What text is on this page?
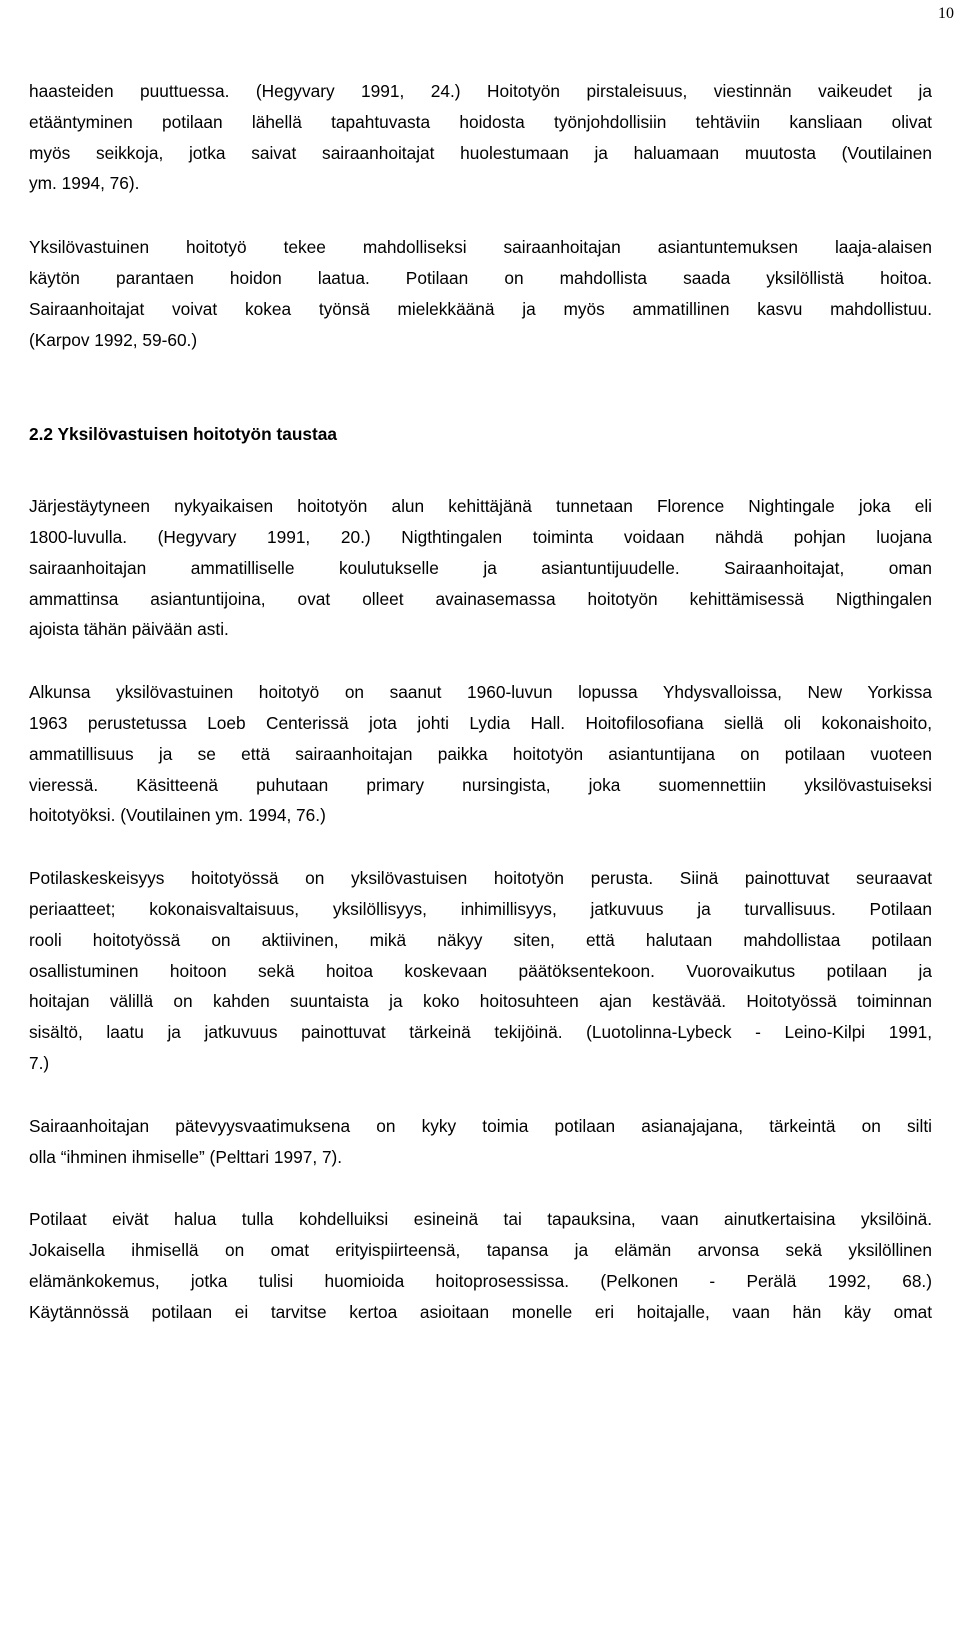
10

haasteiden puuttuessa. (Hegyvary 1991, 24.) Hoitotyön pirstaleisuus, viestinnän vaikeudet ja
etääntyminen potilaan lähellä tapahtuvasta hoidosta työnjohdollisiin tehtäviin kansliaan olivat
myös seikkoja, jotka saivat sairaanhoitajat huolestumaan ja haluamaan muutosta (Voutilainen
ym. 1994, 76).

Yksilövastuinen hoitotyö tekee mahdolliseksi sairaanhoitajan asiantuntemuksen laaja-alaisen
käytön parantaen hoidon laatua. Potilaan on mahdollista saada yksilöllistä hoitoa.
Sairaanhoitajat voivat kokea työnsä mielekkäänä ja myös ammatillinen kasvu mahdollistuu.
(Karpov 1992, 59-60.)

2.2 Yksilövastuisen hoitotyön taustaa

Järjestäytyneen nykyaikaisen hoitotyön alun kehittäjänä tunnetaan Florence Nightingale joka eli
1800-luvulla. (Hegyvary 1991, 20.) Nigthtingalen toiminta voidaan nähdä pohjan luojana
sairaanhoitajan ammatilliselle koulutukselle ja asiantuntijuudelle. Sairaanhoitajat, oman
ammattinsa asiantuntijoina, ovat olleet avainasemassa hoitotyön kehittämisessä Nigthingalen
ajoista tähän päivään asti.

Alkunsa yksilövastuinen hoitotyö on saanut 1960-luvun lopussa Yhdysvalloissa, New Yorkissa
1963 perustetussa Loeb Centerissä jota johti Lydia Hall. Hoitofilosofiana siellä oli kokonaishoito,
ammatillisuus ja se että sairaanhoitajan paikka hoitotyön asiantuntijana on potilaan vuoteen
vieressä. Käsitteenä puhutaan primary nursingista, joka suomennettiin yksilövastuiseksi
hoitotyöksi. (Voutilainen ym. 1994, 76.)

Potilaskeskeisyys hoitotyössä on yksilövastuisen hoitotyön perusta. Siinä painottuvat seuraavat
periaatteet; kokonaisvaltaisuus, yksilöllisyys, inhimillisyys, jatkuvuus ja turvallisuus. Potilaan
rooli hoitotyössä on aktiivinen, mikä näkyy siten, että halutaan mahdollistaa potilaan
osallistuminen hoitoon sekä hoitoa koskevaan päätöksentekoon. Vuorovaikutus potilaan ja
hoitajan välillä on kahden suuntaista ja koko hoitosuhteen ajan kestävää. Hoitotyössä toiminnan
sisältö, laatu ja jatkuvuus painottuvat tärkeinä tekijöinä. (Luotolinna-Lybeck - Leino-Kilpi 1991,
7.)

Sairaanhoitajan pätevyysvaatimuksena on kyky toimia potilaan asianajajana, tärkeintä on silti
olla “ihminen ihmiselle” (Pelttari 1997, 7).

Potilaat eivät halua tulla kohdelluiksi esineinä tai tapauksina, vaan ainutkertaisina yksilöinä.
Jokaisella ihmisellä on omat erityispiirteensä, tapansa ja elämän arvonsa sekä yksilöllinen
elämänkokemus, jotka tulisi huomioida hoitoprosessissa. (Pelkonen - Perälä 1992, 68.)
Käytännössä potilaan ei tarvitse kertoa asioitaan monelle eri hoitajalle, vaan hän käy omat
